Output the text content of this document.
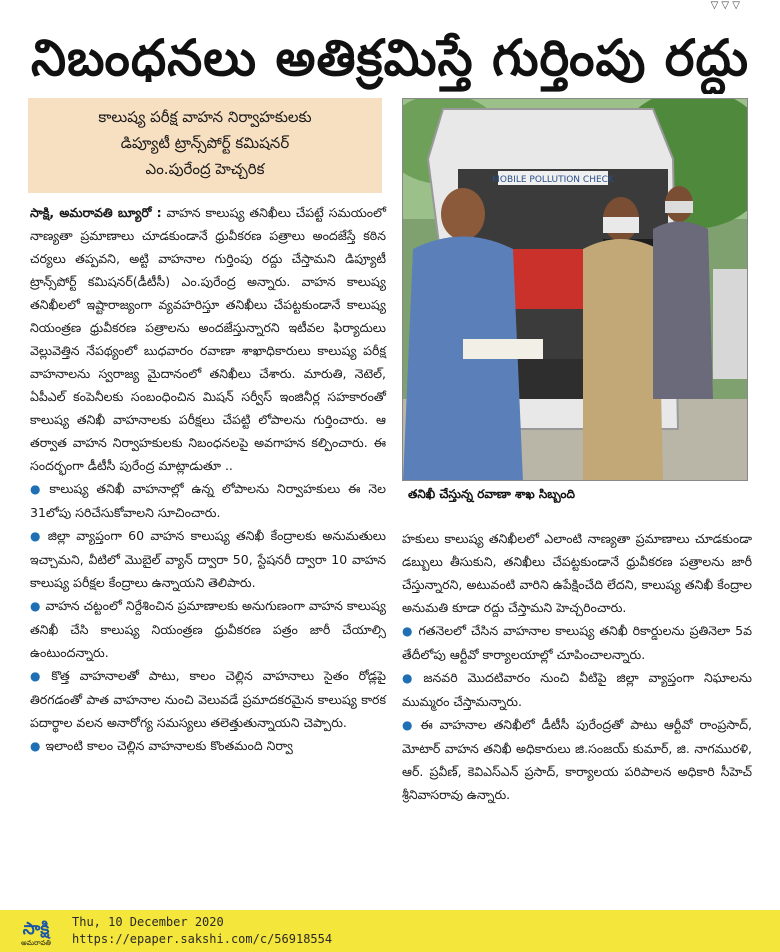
▽ ▽ ▽
నిబంధనలు అతిక్రమిస్తే గుర్తింపు రద్దు
కాలుష్య పరీక్ష వాహన నిర్వాహకులకు
డిప్యూటీ ట్రాన్స్‌పోర్ట్ కమిషనర్
ఎం.పురేంద్ర హెచ్చరిక

సాక్షి, అమరావతి బ్యూరో : వాహన కాలుష్య తనిఖీలు చేపట్టే సమయంలో నాణ్యతా ప్రమాణాలు చూడకుండానే ధ్రువీకరణ పత్రాలు అందజేస్తే కఠిన చర్యలు తప్పవని, అట్టి వాహనాల గుర్తింపు రద్దు చేస్తామని డిప్యూటీ ట్రాన్స్‌పోర్ట్ కమిషనర్(డీటీసీ) ఎం.పురేంద్ర అన్నారు. వాహన కాలుష్య తనిఖీలలో ఇష్టారాజ్యంగా వ్యవహరిస్తూ తనిఖీలు చేపట్టకుండానే కాలుష్య నియంత్రణ ధ్రువీకరణ పత్రాలను అందజేస్తున్నారని ఇటీవల ఫిర్యాదులు వెల్లువెత్తిన నేపథ్యంలో బుధవారం రవాణా శాఖాధికారులు కాలుష్య పరీక్ష వాహనాలను స్వరాజ్య మైదానంలో తనిఖీలు చేశారు. మారుతి, నెటెల్, ఏపీఎల్ కంపెనీలకు సంబంధించిన మిషన్ సర్వీస్ ఇంజినీర్ల సహకారంతో కాలుష్య తనిఖీ వాహనాలకు పరీక్షలు చేపట్టి లోపాలను గుర్తించారు. ఆ తర్వాత వాహన నిర్వాహకులకు నిబంధనలపై అవగాహన కల్పించారు. ఈ సందర్భంగా డీటీసీ పురేంద్ర మాట్లాడుతూ ..

● కాలుష్య తనిఖీ వాహనాల్లో ఉన్న లోపాలను నిర్వాహకులు ఈ నెల 31లోపు సరిచేసుకోవాలని సూచించారు.

● జిల్లా వ్యాప్తంగా 60 వాహన కాలుష్య తనిఖీ కేంద్రాలకు అనుమతులు ఇచ్చామని, వీటిలో మొబైల్ వ్యాన్ ద్వారా 50, స్టేషనరీ ద్వారా 10 వాహన కాలుష్య పరీక్షల కేంద్రాలు ఉన్నాయని తెలిపారు.

● వాహన చట్టంలో నిర్దేశించిన ప్రమాణాలకు అనుగుణంగా వాహన కాలుష్య తనిఖీ చేసి కాలుష్య నియంత్రణ ధ్రువీకరణ పత్రం జారీ చేయాల్సి ఉంటుందన్నారు.

● కొత్త వాహనాలతో పాటు, కాలం చెల్లిన వాహనాలు సైతం రోడ్లపై తిరగడంతో పాత వాహనాల నుంచి వెలువడే ప్రమాదకరమైన కాలుష్య కారక పదార్థాల వలన అనారోగ్య సమస్యలు తలెత్తుతున్నాయని చెప్పారు.

● ఇలాంటి కాలం చెల్లిన వాహనాలకు కొంతమంది నిర్వా

MOBILE POLLUTION CHECK
తనిఖీ చేస్తున్న రవాణా శాఖ సిబ్బంది

హకులు కాలుష్య తనిఖీలలో ఎలాంటి నాణ్యతా ప్రమాణాలు చూడకుండా డబ్బులు తీసుకుని, తనిఖీలు చేపట్టకుండానే ధ్రువీకరణ పత్రాలను జారీ చేస్తున్నారని, అటువంటి వారిని ఉపేక్షించేది లేదని, కాలుష్య తనిఖీ కేంద్రాల అనుమతి కూడా రద్దు చేస్తామని హెచ్చరించారు.

● గతనెలలో చేసిన వాహనాల కాలుష్య తనిఖీ రికార్డులను ప్రతినెలా 5వ తేదీలోపు ఆర్టీవో కార్యాలయాల్లో చూపించాలన్నారు.

● జనవరి మొదటివారం నుంచి వీటిపై జిల్లా వ్యాప్తంగా నిఘాలను ముమ్మరం చేస్తామన్నారు.

● ఈ వాహనాల తనిఖీలో డీటీసీ పురేంద్రతో పాటు ఆర్టీవో రాంప్రసాద్, మోటార్ వాహన తనిఖీ అధికారులు జి.సంజయ్ కుమార్, జి. నాగమురళి, ఆర్. ప్రవీణ్, కెవిఎస్ఎన్ ప్రసాద్, కార్యాలయ పరిపాలన అధికారి సీహెచ్ శ్రీనివాసరావు ఉన్నారు.

సాక్షి
అమరావతి
Thu, 10 December 2020
https://epaper.sakshi.com/c/56918554
